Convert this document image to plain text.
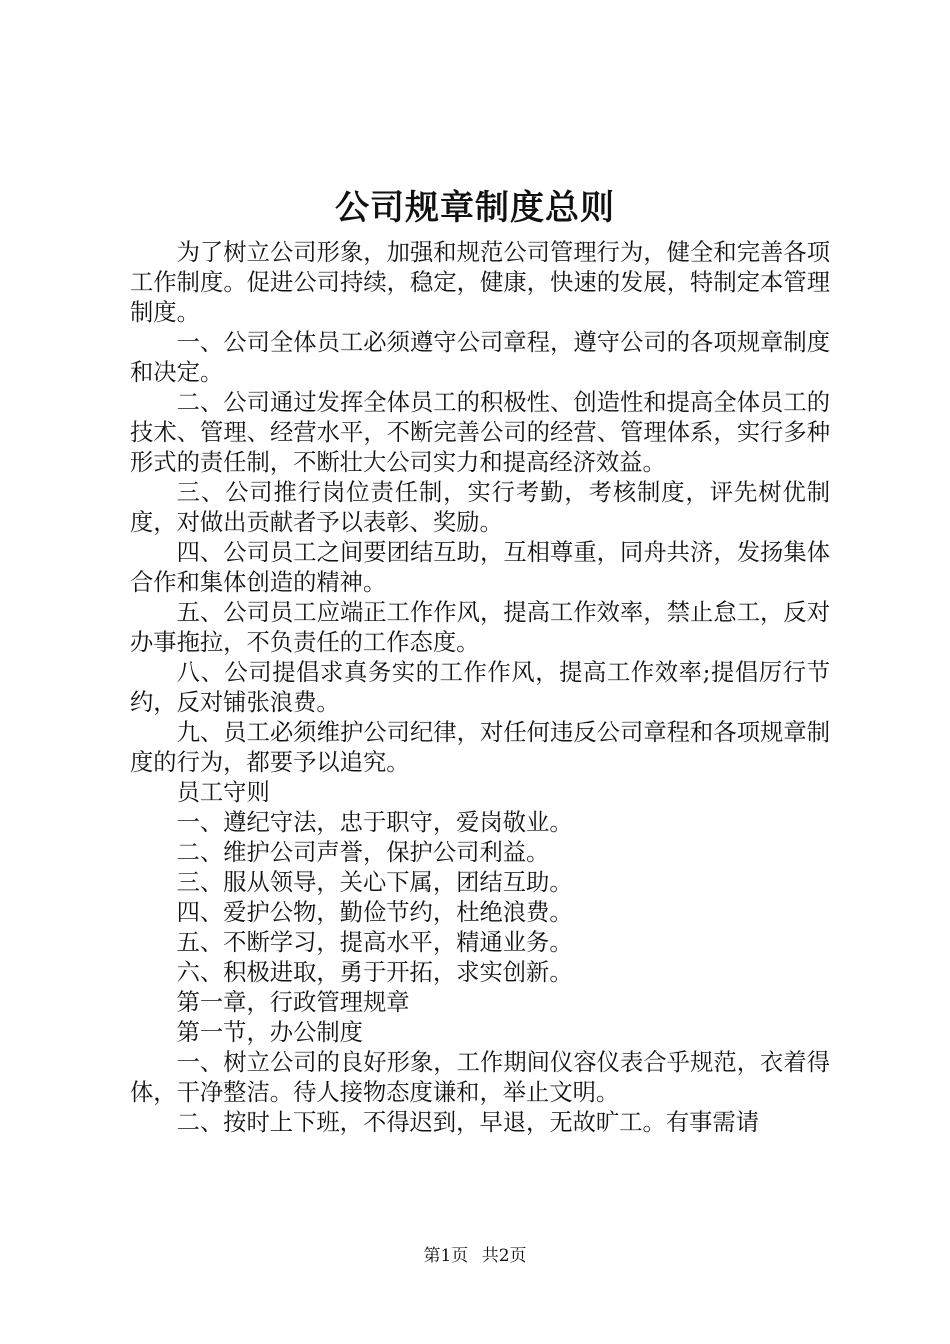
公司规章制度总则

为了树立公司形象，加强和规范公司管理行为，健全和完善各项工作制度。促进公司持续，稳定，健康，快速的发展，特制定本管理制度。

一、公司全体员工必须遵守公司章程，遵守公司的各项规章制度和决定。

二、公司通过发挥全体员工的积极性、创造性和提高全体员工的技术、管理、经营水平，不断完善公司的经营、管理体系，实行多种形式的责任制，不断壮大公司实力和提高经济效益。

三、公司推行岗位责任制，实行考勤，考核制度，评先树优制度，对做出贡献者予以表彰、奖励。

四、公司员工之间要团结互助，互相尊重，同舟共济，发扬集体合作和集体创造的精神。

五、公司员工应端正工作作风，提高工作效率，禁止怠工，反对办事拖拉，不负责任的工作态度。

八、公司提倡求真务实的工作作风，提高工作效率;提倡厉行节约，反对铺张浪费。

九、员工必须维护公司纪律，对任何违反公司章程和各项规章制度的行为，都要予以追究。

员工守则

一、遵纪守法，忠于职守，爱岗敬业。

二、维护公司声誉，保护公司利益。

三、服从领导，关心下属，团结互助。

四、爱护公物，勤俭节约，杜绝浪费。

五、不断学习，提高水平，精通业务。

六、积极进取，勇于开拓，求实创新。

第一章，行政管理规章

第一节，办公制度

一、树立公司的良好形象，工作期间仪容仪表合乎规范，衣着得体，干净整洁。待人接物态度谦和，举止文明。

二、按时上下班，不得迟到，早退，无故旷工。有事需请

第1页 共2页
